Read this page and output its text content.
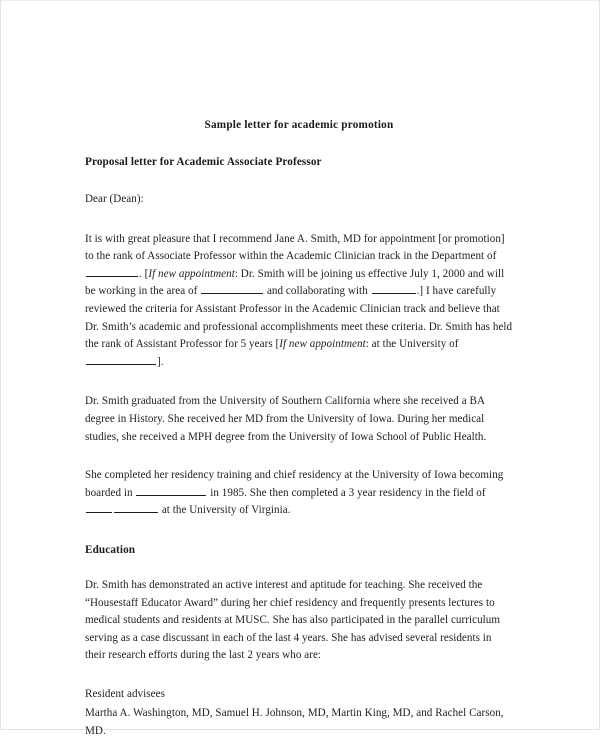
Sample letter for academic promotion
Proposal letter for Academic Associate Professor
Dear (Dean):
It is with great pleasure that I recommend Jane A. Smith, MD for appointment [or promotion] to the rank of Associate Professor within the Academic Clinician track in the Department of . [If new appointment: Dr. Smith will be joining us effective July 1, 2000 and will be working in the area of	and collaborating with	.] I have carefully reviewed the criteria for Assistant Professor in the Academic Clinician track and believe that Dr. Smith’s academic and professional accomplishments meet these criteria. Dr. Smith has held the rank of Assistant Professor for 5 years [If new appointment: at the University of ].
Dr. Smith graduated from the University of Southern California where she received a BA degree in History. She received her MD from the University of Iowa. During her medical studies, she received a MPH degree from the University of Iowa School of Public Health.
She completed her residency training and chief residency at the University of Iowa becoming boarded in	in 1985. She then completed a 3 year residency in the field of  at the University of Virginia.
Education
Dr. Smith has demonstrated an active interest and aptitude for teaching. She received the “Housestaff Educator Award” during her chief residency and frequently presents lectures to medical students and residents at MUSC. She has also participated in the parallel curriculum serving as a case discussant in each of the last 4 years. She has advised several residents in their research efforts during the last 2 years who are:
Resident advisees
Martha A. Washington, MD, Samuel H. Johnson, MD, Martin King, MD, and Rachel Carson, MD.
